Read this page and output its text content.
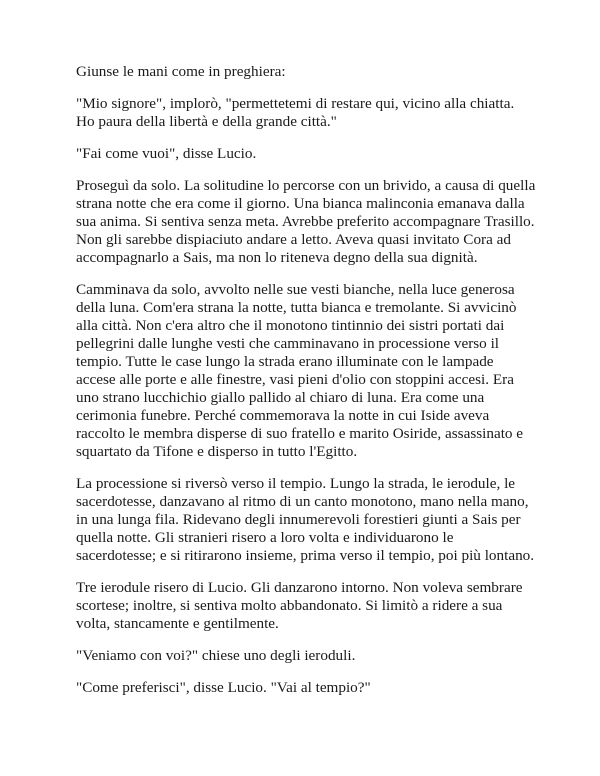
Giunse le mani come in preghiera:

"Mio signore", implorò, "permettetemi di restare qui, vicino alla chiatta. Ho paura della libertà e della grande città."

"Fai come vuoi", disse Lucio.

Proseguì da solo. La solitudine lo percorse con un brivido, a causa di quella strana notte che era come il giorno. Una bianca malinconia emanava dalla sua anima. Si sentiva senza meta. Avrebbe preferito accompagnare Trasillo. Non gli sarebbe dispiaciuto andare a letto. Aveva quasi invitato Cora ad accompagnarlo a Sais, ma non lo riteneva degno della sua dignità.

Camminava da solo, avvolto nelle sue vesti bianche, nella luce generosa della luna. Com'era strana la notte, tutta bianca e tremolante. Si avvicinò alla città. Non c'era altro che il monotono tintinnio dei sistri portati dai pellegrini dalle lunghe vesti che camminavano in processione verso il tempio. Tutte le case lungo la strada erano illuminate con le lampade accese alle porte e alle finestre, vasi pieni d'olio con stoppini accesi. Era uno strano lucchichio giallo pallido al chiaro di luna. Era come una cerimonia funebre. Perché commemorava la notte in cui Iside aveva raccolto le membra disperse di suo fratello e marito Osiride, assassinato e squartato da Tifone e disperso in tutto l'Egitto.

La processione si riversò verso il tempio. Lungo la strada, le ierodule, le sacerdotesse, danzavano al ritmo di un canto monotono, mano nella mano, in una lunga fila. Ridevano degli innumerevoli forestieri giunti a Sais per quella notte. Gli stranieri risero a loro volta e individuarono le sacerdotesse; e si ritirarono insieme, prima verso il tempio, poi più lontano.

Tre ierodule risero di Lucio. Gli danzarono intorno. Non voleva sembrare scortese; inoltre, si sentiva molto abbandonato. Si limitò a ridere a sua volta, stancamente e gentilmente.

"Veniamo con voi?" chiese uno degli ieroduli.

"Come preferisci", disse Lucio. "Vai al tempio?"
